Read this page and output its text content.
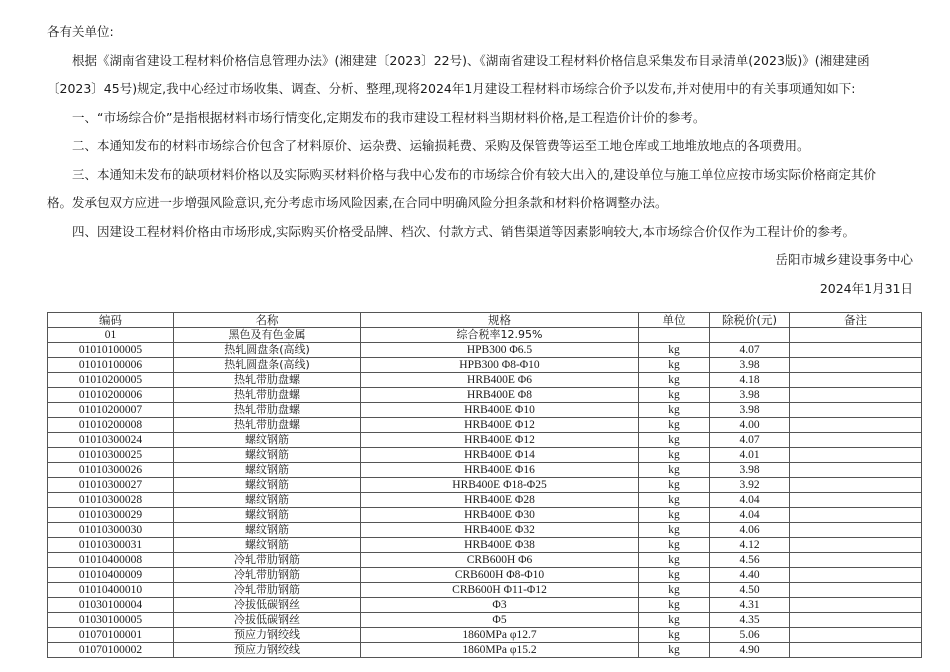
各有关单位:

根据《湖南省建设工程材料价格信息管理办法》(湘建建〔2023〕22号)、《湖南省建设工程材料价格信息采集发布目录清单(2023版)》(湘建建函

〔2023〕45号)规定,我中心经过市场收集、调查、分析、整理,现将2024年1月建设工程材料市场综合价予以发布,并对使用中的有关事项通知如下:

一、“市场综合价”是指根据材料市场行情变化,定期发布的我市建设工程材料当期材料价格,是工程造价计价的参考。

二、本通知发布的材料市场综合价包含了材料原价、运杂费、运输损耗费、采购及保管费等运至工地仓库或工地堆放地点的各项费用。

三、本通知未发布的缺项材料价格以及实际购买材料价格与我中心发布的市场综合价有较大出入的,建设单位与施工单位应按市场实际价格商定其价

格。发承包双方应进一步增强风险意识,充分考虑市场风险因素,在合同中明确风险分担条款和材料价格调整办法。

四、因建设工程材料价格由市场形成,实际购买价格受品牌、档次、付款方式、销售渠道等因素影响较大,本市场综合价仅作为工程计价的参考。

岳阳市城乡建设事务中心

2024年1月31日

编码	名称	规格	单位	除税价(元)	备注
01	黑色及有色金属	综合税率12.95%			
01010100005	热轧圆盘条(高线)	HPB300 Φ6.5	kg	4.07	
01010100006	热轧圆盘条(高线)	HPB300 Φ8-Φ10	kg	3.98	
01010200005	热轧带肋盘螺	HRB400E Φ6	kg	4.18	
01010200006	热轧带肋盘螺	HRB400E Φ8	kg	3.98	
01010200007	热轧带肋盘螺	HRB400E Φ10	kg	3.98	
01010200008	热轧带肋盘螺	HRB400E Φ12	kg	4.00	
01010300024	螺纹钢筋	HRB400E Φ12	kg	4.07	
01010300025	螺纹钢筋	HRB400E Φ14	kg	4.01	
01010300026	螺纹钢筋	HRB400E Φ16	kg	3.98	
01010300027	螺纹钢筋	HRB400E Φ18-Φ25	kg	3.92	
01010300028	螺纹钢筋	HRB400E Φ28	kg	4.04	
01010300029	螺纹钢筋	HRB400E Φ30	kg	4.04	
01010300030	螺纹钢筋	HRB400E Φ32	kg	4.06	
01010300031	螺纹钢筋	HRB400E Φ38	kg	4.12	
01010400008	冷轧带肋钢筋	CRB600H Φ6	kg	4.56	
01010400009	冷轧带肋钢筋	CRB600H Φ8-Φ10	kg	4.40	
01010400010	冷轧带肋钢筋	CRB600H Φ11-Φ12	kg	4.50	
01030100004	冷拔低碳钢丝	Φ3	kg	4.31	
01030100005	冷拔低碳钢丝	Φ5	kg	4.35	
01070100001	预应力钢绞线	1860MPa φ12.7	kg	5.06	
01070100002	预应力钢绞线	1860MPa φ15.2	kg	4.90	
